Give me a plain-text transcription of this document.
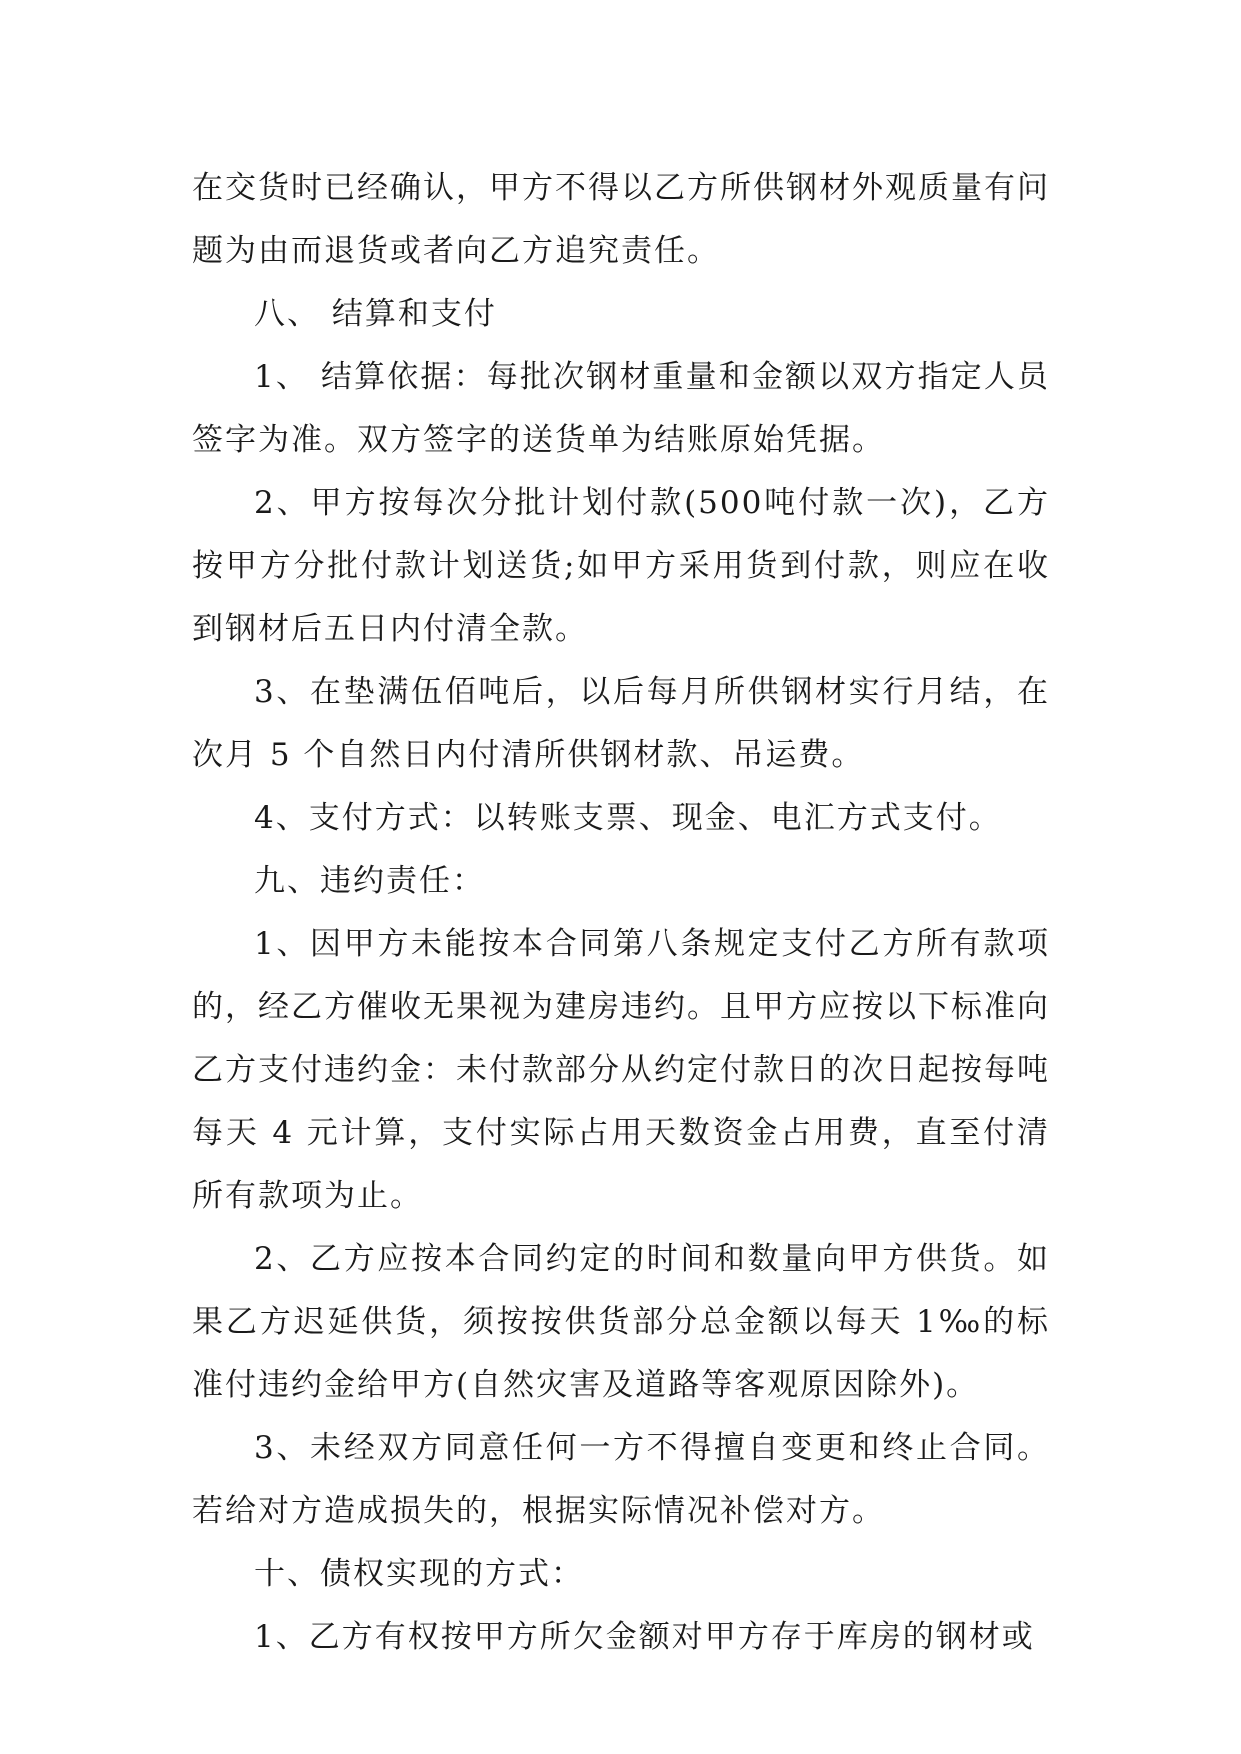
在交货时已经确认，甲方不得以乙方所供钢材外观质量有问题为由而退货或者向乙方追究责任。

八、 结算和支付

1、 结算依据：每批次钢材重量和金额以双方指定人员签字为准。双方签字的送货单为结账原始凭据。

2、甲方按每次分批计划付款(500吨付款一次)，乙方按甲方分批付款计划送货;如甲方采用货到付款，则应在收到钢材后五日内付清全款。

3、在垫满伍佰吨后，以后每月所供钢材实行月结，在次月 5 个自然日内付清所供钢材款、吊运费。

4、支付方式：以转账支票、现金、电汇方式支付。

九、违约责任：

1、因甲方未能按本合同第八条规定支付乙方所有款项的，经乙方催收无果视为建房违约。且甲方应按以下标准向乙方支付违约金：未付款部分从约定付款日的次日起按每吨每天 4 元计算，支付实际占用天数资金占用费，直至付清所有款项为止。

2、乙方应按本合同约定的时间和数量向甲方供货。如果乙方迟延供货，须按按供货部分总金额以每天 1‰的标准付违约金给甲方(自然灾害及道路等客观原因除外)。

3、未经双方同意任何一方不得擅自变更和终止合同。若给对方造成损失的，根据实际情况补偿对方。

十、债权实现的方式：

1、乙方有权按甲方所欠金额对甲方存于库房的钢材或
